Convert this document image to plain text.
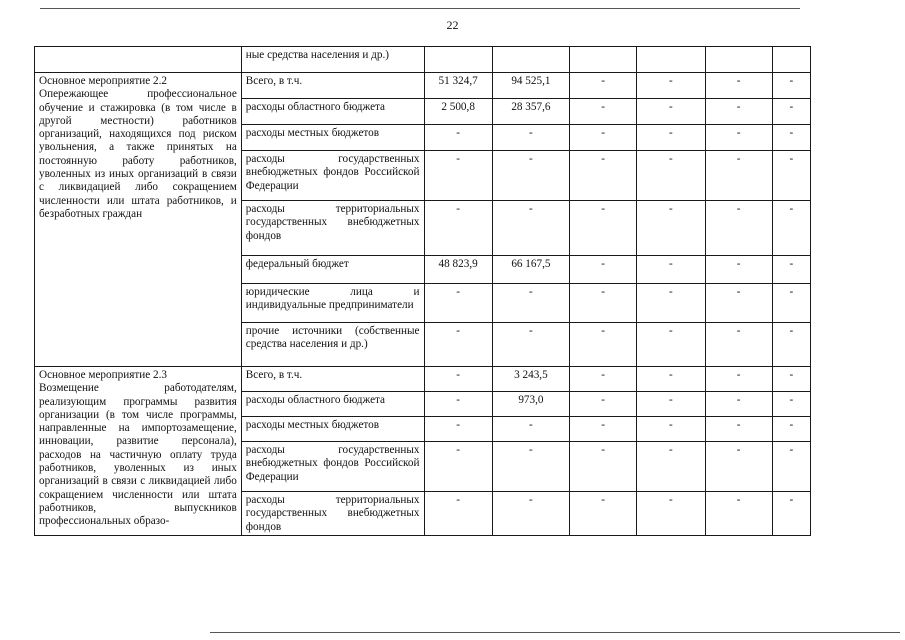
22
	ные средства населения и др.)						

Основное мероприятие 2.2
Опережающее профессиональное обучение и стажировка (в том числе в другой местности) работников организаций, находящихся под риском увольнения, а также принятых на постоянную работу работников, уволенных из иных организаций в связи с ликвидацией либо сокращением численности или штата работников, и безработных граждан	Всего, в т.ч.	51 324,7	94 525,1	-	-	-	-
	расходы областного бюджета	2 500,8	28 357,6	-	-	-	-
	расходы местных бюджетов	-	-	-	-	-	-
	расходы государственных внебюджетных фондов Российской Федерации	-	-	-	-	-	-
	расходы территориальных государственных внебюджетных фондов	-	-	-	-	-	-
	федеральный бюджет	48 823,9	66 167,5	-	-	-	-
	юридические лица и индивидуальные предприниматели	-	-	-	-	-	-
	прочие источники (собственные средства населения и др.)	-	-	-	-	-	-

Основное мероприятие 2.3
Возмещение работодателям, реализующим программы развития организации (в том числе программы, направленные на импортозамещение, инновации, развитие персонала), расходов на частичную оплату труда работников, уволенных из иных организаций в связи с ликвидацией либо сокращением численности или штата работников, выпускников профессиональных образо-	Всего, в т.ч.	-	3 243,5	-	-	-	-
	расходы областного бюджета	-	973,0	-	-	-	-
	расходы местных бюджетов	-	-	-	-	-	-
	расходы государственных внебюджетных фондов Российской Федерации	-	-	-	-	-	-
	расходы территориальных государственных внебюджетных фондов	-	-	-	-	-	-
